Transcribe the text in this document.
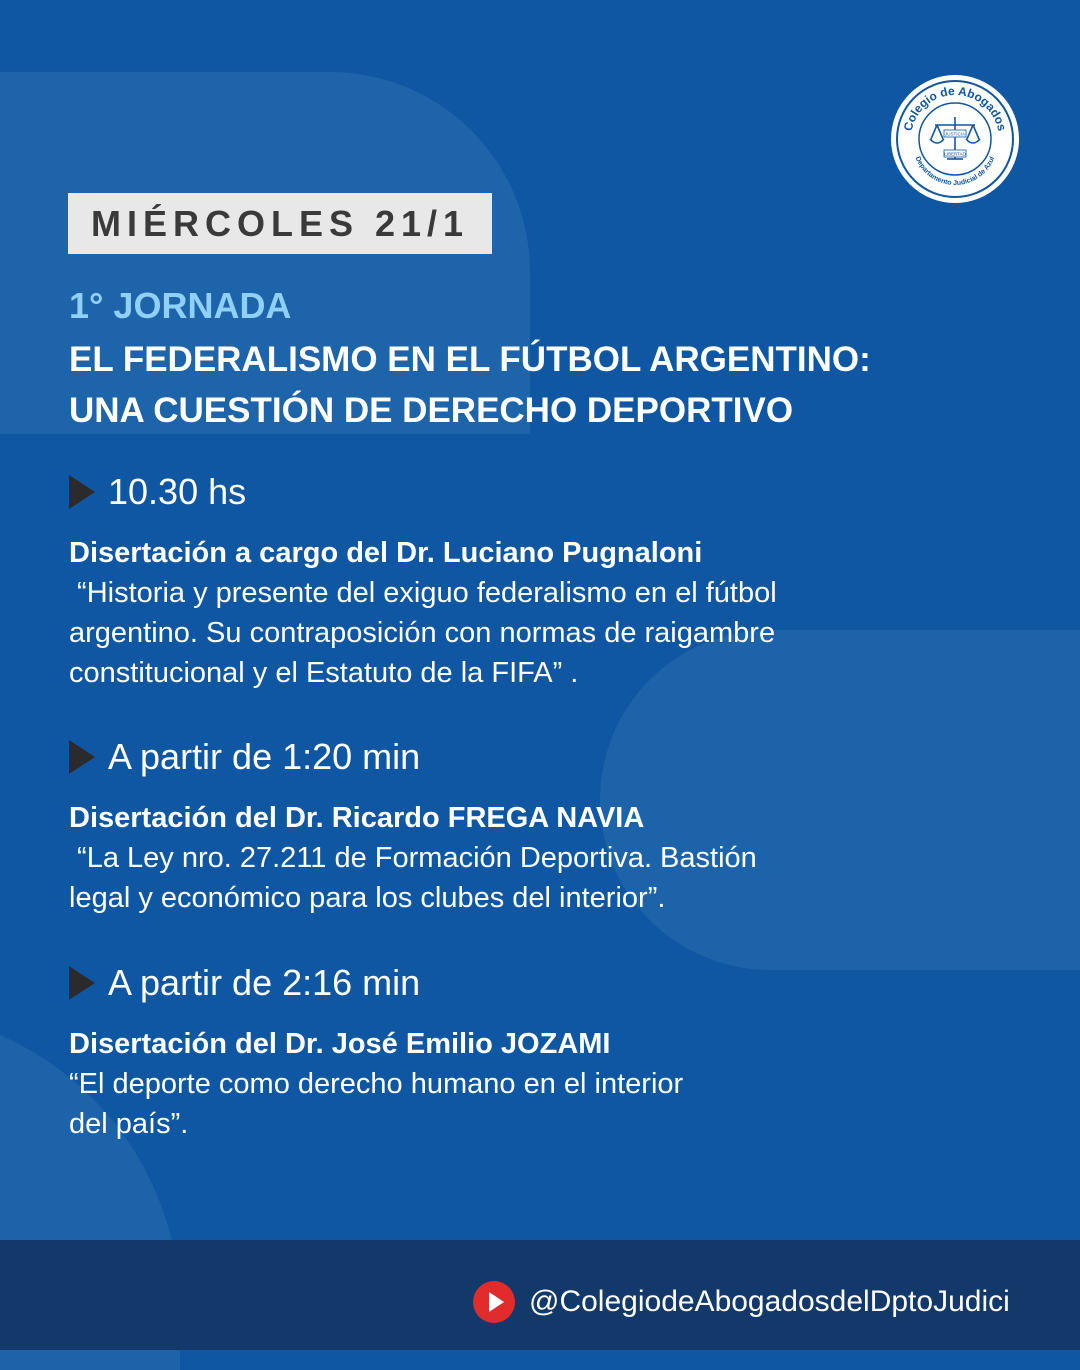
Colegio de Abogados
Departamento Judicial de Azul
JUSTICIA
LIBERTAD
MIÉRCOLES 21/1
1° JORNADA
EL FEDERALISMO EN EL FÚTBOL ARGENTINO:
UNA CUESTIÓN DE DERECHO DEPORTIVO
10.30 hs
Disertación a cargo del Dr. Luciano Pugnaloni
“Historia y presente del exiguo federalismo en el fútbol
argentino. Su contraposición con normas de raigambre
constitucional y el Estatuto de la FIFA” .
A partir de 1:20 min
Disertación del Dr. Ricardo FREGA NAVIA
“La Ley nro. 27.211 de Formación Deportiva. Bastión
legal y económico para los clubes del interior”.
A partir de 2:16 min
Disertación del Dr. José Emilio JOZAMI
“El deporte como derecho humano en el interior
del país”.
@ColegiodeAbogadosdelDptoJudici
